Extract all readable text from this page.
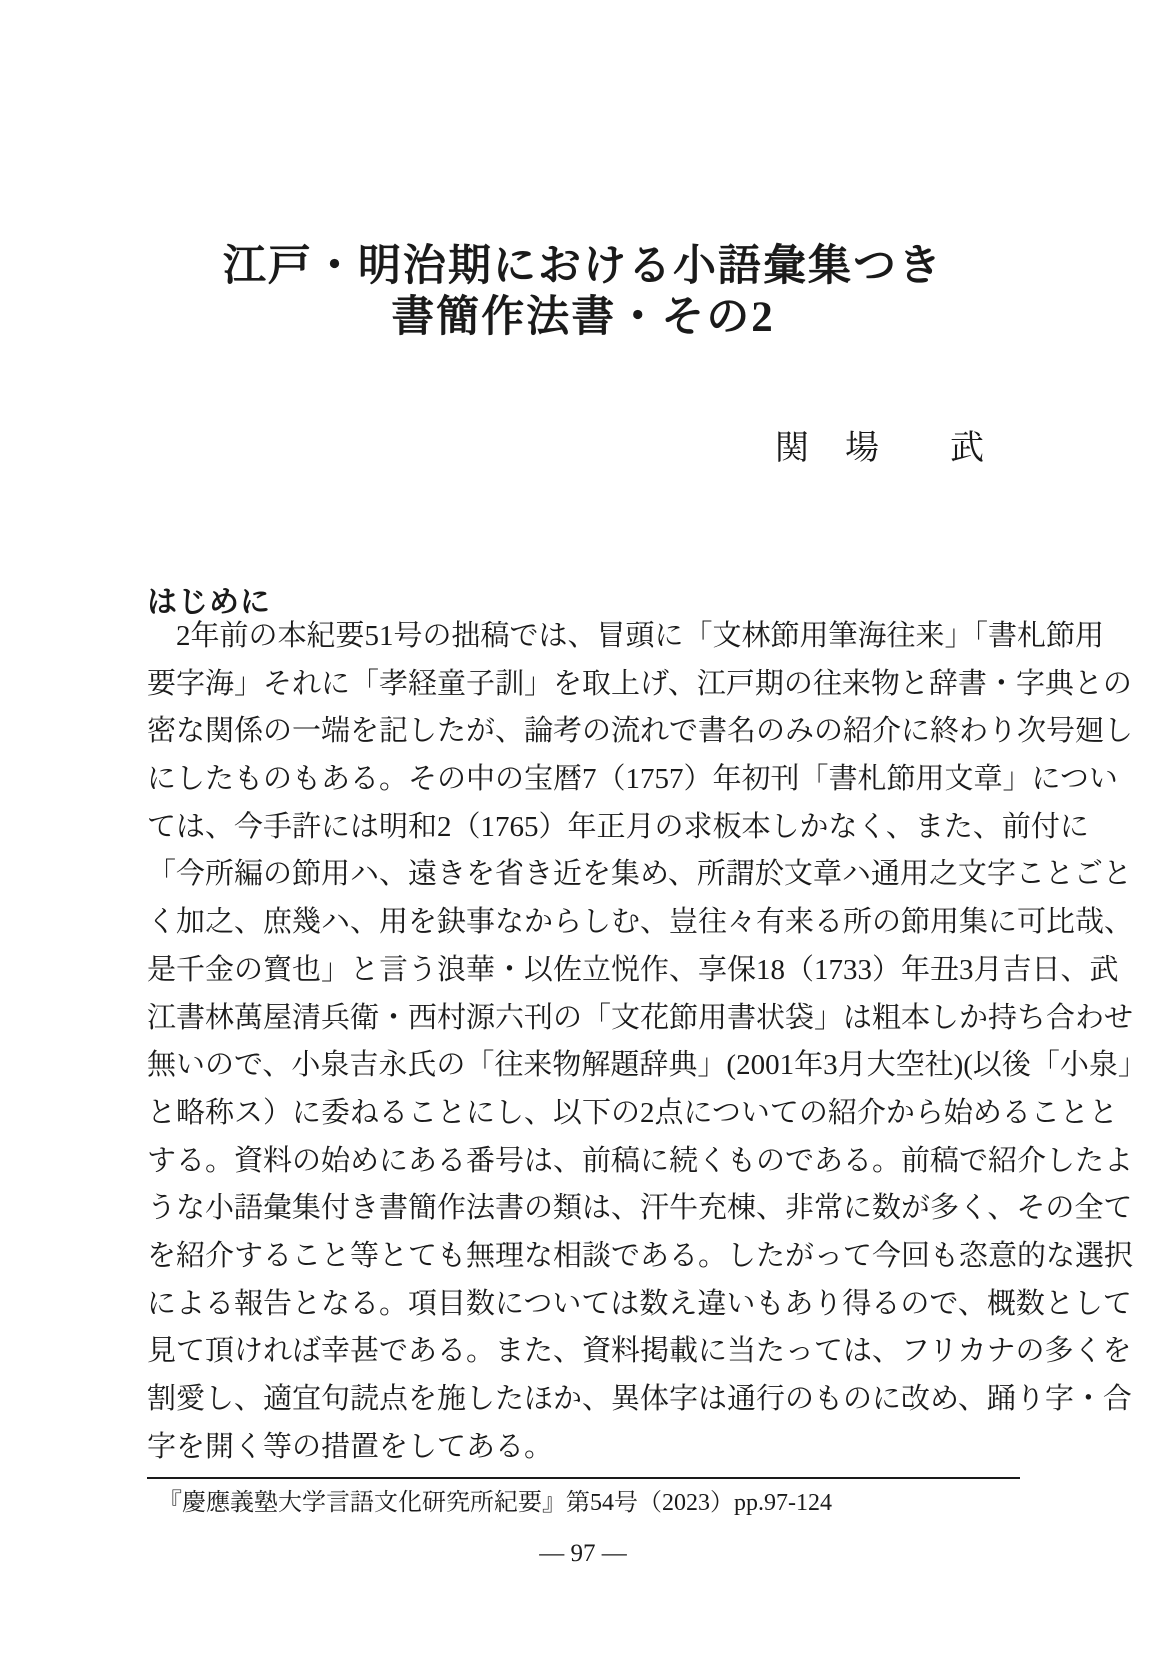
江戸・明治期における小語彙集つき
書簡作法書・その2
関　場　　武
はじめに
　2年前の本紀要51号の拙稿では、冒頭に「文林節用筆海往来」「書札節用
要字海」それに「孝経童子訓」を取上げ、江戸期の往来物と辞書・字典との
密な関係の一端を記したが、論考の流れで書名のみの紹介に終わり次号廻し
にしたものもある。その中の宝暦7（1757）年初刊「書札節用文章」につい
ては、今手許には明和2（1765）年正月の求板本しかなく、また、前付に
「今所編の節用ハ、遠きを省き近を集め、所謂於文章ハ通用之文字ことごと
く加之、庶幾ハ、用を鈌事なからしむ、豈往々有来る所の節用集に可比哉、
是千金の寳也」と言う浪華・以佐立悦作、享保18（1733）年丑3月吉日、武
江書林萬屋清兵衛・西村源六刊の「文花節用書状袋」は粗本しか持ち合わせ
無いので、小泉吉永氏の「往来物解題辞典」(2001年3月大空社)(以後「小泉」
と略称ス）に委ねることにし、以下の2点についての紹介から始めることと
する。資料の始めにある番号は、前稿に続くものである。前稿で紹介したよ
うな小語彙集付き書簡作法書の類は、汗牛充棟、非常に数が多く、その全て
を紹介すること等とても無理な相談である。したがって今回も恣意的な選択
による報告となる。項目数については数え違いもあり得るので、概数として
見て頂ければ幸甚である。また、資料掲載に当たっては、フリカナの多くを
割愛し、適宜句読点を施したほか、異体字は通行のものに改め、踊り字・合
字を開く等の措置をしてある。
『慶應義塾大学言語文化研究所紀要』第54号（2023）pp.97-124
— 97 —
